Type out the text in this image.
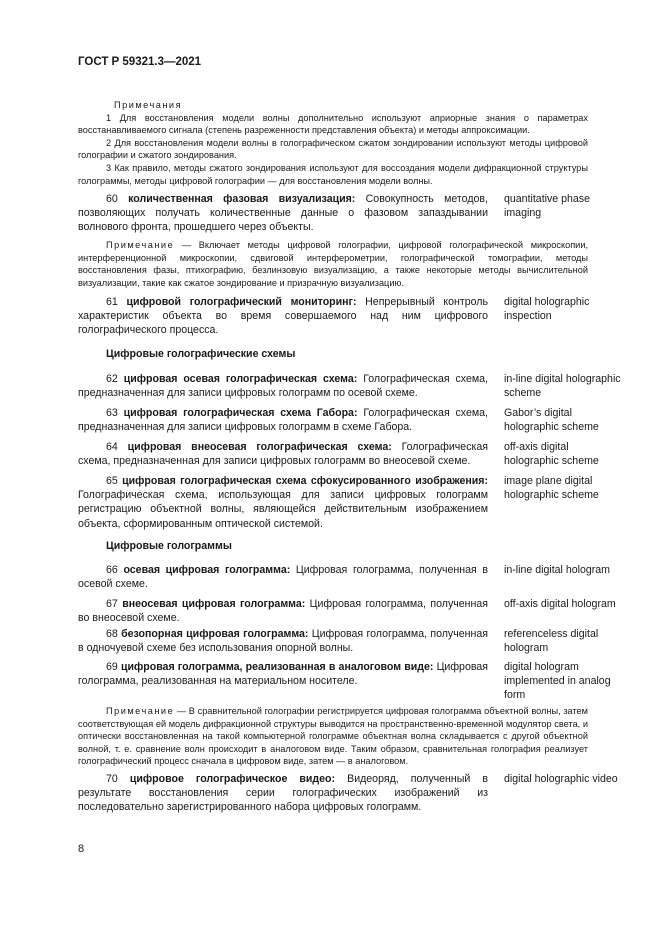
ГОСТ Р 59321.3—2021

Примечания

1 Для восстановления модели волны дополнительно используют априорные знания о параметрах восстанавливаемого сигнала (степень разреженности представления объекта) и методы аппроксимации.

2 Для восстановления модели волны в голографическом сжатом зондировании используют методы цифровой голографии и сжатого зондирования.

3 Как правило, методы сжатого зондирования используют для воссоздания модели дифракционной структуры голограммы, методы цифровой голографии — для восстановления модели волны.

60 количественная фазовая визуализация: Совокупность методов, позволяющих получать количественные данные о фазовом запаздывании волнового фронта, прошедшего через объекты.

quantitative phase imaging

Примечание — Включает методы цифровой голографии, цифровой голографической микроскопии, интерференционной микроскопии, сдвиговой интерферометрии, голографической томографии, методы восстановления фазы, птихографию, безлинзовую визуализацию, а также некоторые методы вычислительной визуализации, такие как сжатое зондирование и призрачную визуализацию.

61 цифровой голографический мониторинг: Непрерывный контроль характеристик объекта во время совершаемого над ним цифрового голографического процесса.

digital holographic inspection

Цифровые голографические схемы

62 цифровая осевая голографическая схема: Голографическая схема, предназначенная для записи цифровых голограмм по осевой схеме.

in-line digital holographic scheme

63 цифровая голографическая схема Габора: Голографическая схема, предназначенная для записи цифровых голограмм в схеме Габора.

Gabor’s digital holographic scheme

64 цифровая внеосевая голографическая схема: Голографическая схема, предназначенная для записи цифровых голограмм во внеосевой схеме.

off-axis digital holographic scheme

65 цифровая голографическая схема сфокусированного изображения: Голографическая схема, использующая для записи цифровых голограмм регистрацию объектной волны, являющейся действительным изображением объекта, сформированным оптической системой.

image plane digital holographic scheme

Цифровые голограммы

66 осевая цифровая голограмма: Цифровая голограмма, полученная в осевой схеме.

in-line digital hologram

67 внеосевая цифровая голограмма: Цифровая голограмма, полученная во внеосевой схеме.

off-axis digital hologram

68 безопорная цифровая голограмма: Цифровая голограмма, полученная в одночуевой схеме без использования опорной волны.

referenceless digital hologram

69 цифровая голограмма, реализованная в аналоговом виде: Цифровая голограмма, реализованная на материальном носителе.

digital hologram implemented in analog form

Примечание — В сравнительной голографии регистрируется цифровая голограмма объектной волны, затем соответствующая ей модель дифракционной структуры выводится на пространственно-временной модулятор света, и оптически восстановленная на такой компьютерной голограмме объектная волна складывается с другой объектной волной, т. е. сравнение волн происходит в аналоговом виде. Таким образом, сравнительная голография реализует голографический процесс сначала в цифровом виде, затем — в аналоговом.

70 цифровое голографическое видео: Видеоряд, полученный в результате восстановления серии голографических изображений из последовательно зарегистрированного набора цифровых голограмм.

digital holographic video

8
